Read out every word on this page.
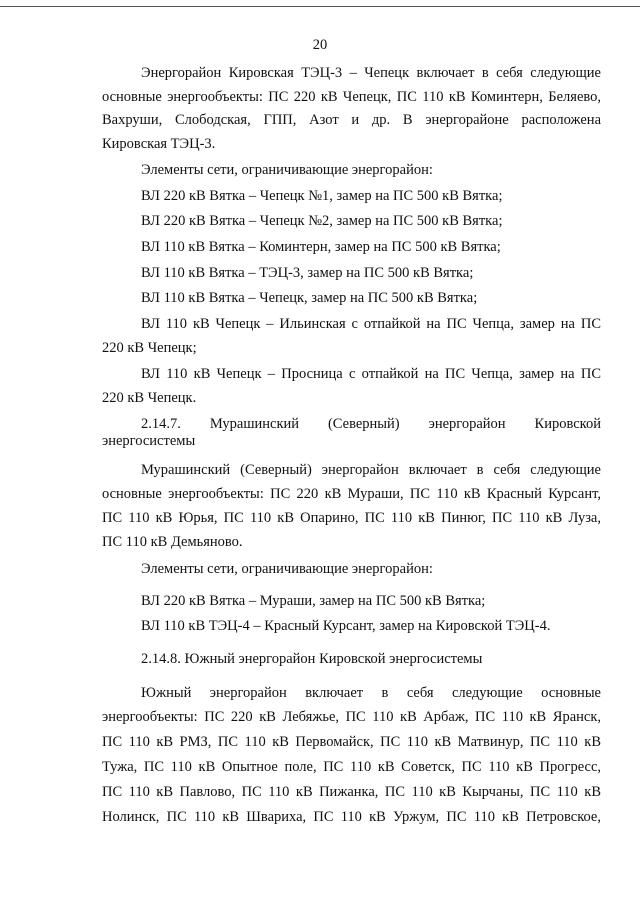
20
Энергорайон Кировская ТЭЦ-3 – Чепецк включает в себя следующие
основные энергообъекты: ПС 220 кВ Чепецк, ПС 110 кВ Коминтерн, Беляево,
Вахруши, Слободская, ГПП, Азот и др. В энергорайоне расположена
Кировская ТЭЦ-3.
Элементы сети, ограничивающие энергорайон:
ВЛ 220 кВ Вятка – Чепецк №1, замер на ПС 500 кВ Вятка;
ВЛ 220 кВ Вятка – Чепецк №2, замер на ПС 500 кВ Вятка;
ВЛ 110 кВ Вятка – Коминтерн, замер на ПС 500 кВ Вятка;
ВЛ 110 кВ Вятка – ТЭЦ-3, замер на ПС 500 кВ Вятка;
ВЛ 110 кВ Вятка – Чепецк, замер на ПС 500 кВ Вятка;
ВЛ 110 кВ Чепецк – Ильинская с отпайкой на ПС Чепца, замер на ПС
220 кВ Чепецк;
ВЛ 110 кВ Чепецк – Просница с отпайкой на ПС Чепца, замер на ПС
220 кВ Чепецк.
2.14.7. Мурашинский (Северный) энергорайон Кировской
энергосистемы
Мурашинский (Северный) энергорайон включает в себя следующие
основные энергообъекты: ПС 220 кВ Мураши, ПС 110 кВ Красный Курсант,
ПС 110 кВ Юрья, ПС 110 кВ Опарино, ПС 110 кВ Пинюг, ПС 110 кВ Луза,
ПС 110 кВ Демьяново.
Элементы сети, ограничивающие энергорайон:
ВЛ 220 кВ Вятка – Мураши, замер на ПС 500 кВ Вятка;
ВЛ 110 кВ ТЭЦ-4 – Красный Курсант, замер на Кировской ТЭЦ-4.
2.14.8. Южный энергорайон Кировской энергосистемы
Южный энергорайон включает в себя следующие основные
энергообъекты: ПС 220 кВ Лебяжье, ПС 110 кВ Арбаж, ПС 110 кВ Яранск,
ПС 110 кВ РМЗ, ПС 110 кВ Первомайск, ПС 110 кВ Матвинур, ПС 110 кВ
Тужа, ПС 110 кВ Опытное поле, ПС 110 кВ Советск, ПС 110 кВ Прогресс,
ПС 110 кВ Павлово, ПС 110 кВ Пижанка, ПС 110 кВ Кырчаны, ПС 110 кВ
Нолинск, ПС 110 кВ Швариха, ПС 110 кВ Уржум, ПС 110 кВ Петровское,
